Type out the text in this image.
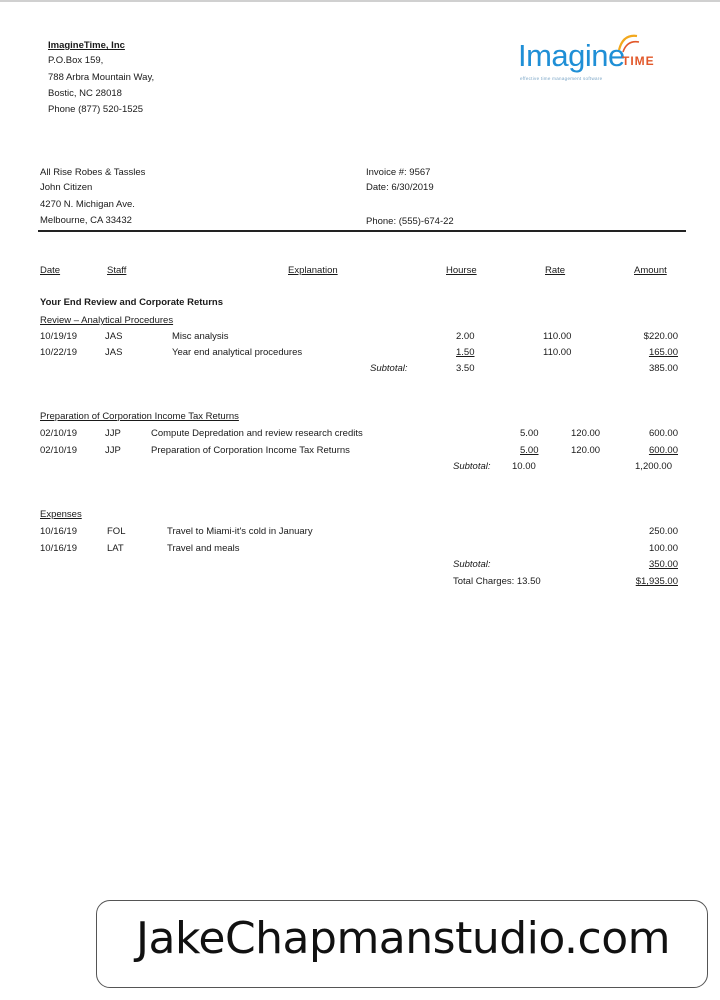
ImagineTime, Inc
P.O.Box 159,
788 Arbra Mountain Way,
Bostic, NC 28018
Phone (877) 520-1525
Imagine
TIME
effective time management software
All Rise Robes & Tassles
John Citizen
4270 N. Michigan Ave.
Melbourne, CA 33432
Invoice #: 9567
Date: 6/30/2019
Phone: (555)-674-22
Date	Staff	Explanation	Hourse	Rate	Amount
Your End Review and Corporate Returns
Review – Analytical Procedures
10/19/19	JAS	Misc analysis	2.00	110.00	$220.00
10/22/19	JAS	Year end analytical procedures	1.50	110.00	165.00
Subtotal:	3.50	385.00
Preparation of Corporation Income Tax Returns
02/10/19	JJP	Compute Depredation and review research credits	5.00	120.00	600.00
02/10/19	JJP	Preparation of Corporation Income Tax Returns	5.00	120.00	600.00
Subtotal: 10.00	1,200.00
Expenses
10/16/19	FOL	Travel to Miami-it's cold in January	250.00
10/16/19	LAT	Travel and meals	100.00
Subtotal:	350.00
Total Charges: 13.50	$1,935.00
JakeChapmanstudio.com
